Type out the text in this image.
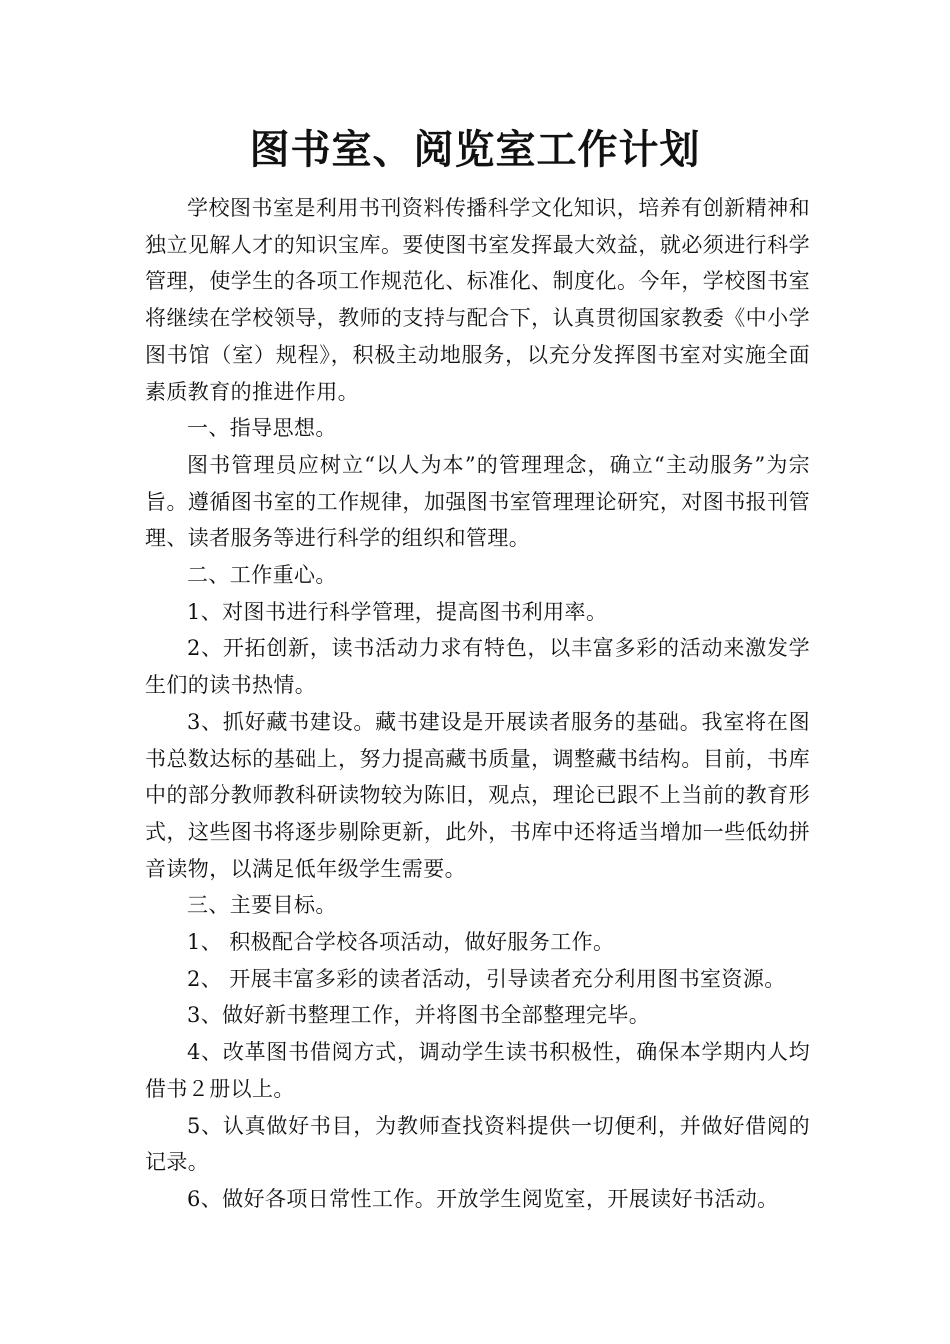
图书室、阅览室工作计划

学校图书室是利用书刊资料传播科学文化知识，培养有创新精神和独立见解人才的知识宝库。要使图书室发挥最大效益，就必须进行科学管理，使学生的各项工作规范化、标准化、制度化。今年，学校图书室将继续在学校领导，教师的支持与配合下，认真贯彻国家教委《中小学图书馆（室）规程》，积极主动地服务，以充分发挥图书室对实施全面素质教育的推进作用。

一、指导思想。

图书管理员应树立“以人为本”的管理理念，确立“主动服务”为宗旨。遵循图书室的工作规律，加强图书室管理理论研究，对图书报刊管理、读者服务等进行科学的组织和管理。

二、工作重心。

1、对图书进行科学管理，提高图书利用率。

2、开拓创新，读书活动力求有特色，以丰富多彩的活动来激发学生们的读书热情。

3、抓好藏书建设。藏书建设是开展读者服务的基础。我室将在图书总数达标的基础上，努力提高藏书质量，调整藏书结构。目前，书库中的部分教师教科研读物较为陈旧，观点，理论已跟不上当前的教育形式，这些图书将逐步剔除更新，此外，书库中还将适当增加一些低幼拼音读物，以满足低年级学生需要。

三、主要目标。

1、 积极配合学校各项活动，做好服务工作。

2、 开展丰富多彩的读者活动，引导读者充分利用图书室资源。

3、做好新书整理工作，并将图书全部整理完毕。

4、改革图书借阅方式，调动学生读书积极性，确保本学期内人均借书２册以上。

5、认真做好书目，为教师查找资料提供一切便利，并做好借阅的记录。

6、做好各项日常性工作。开放学生阅览室，开展读好书活动。
